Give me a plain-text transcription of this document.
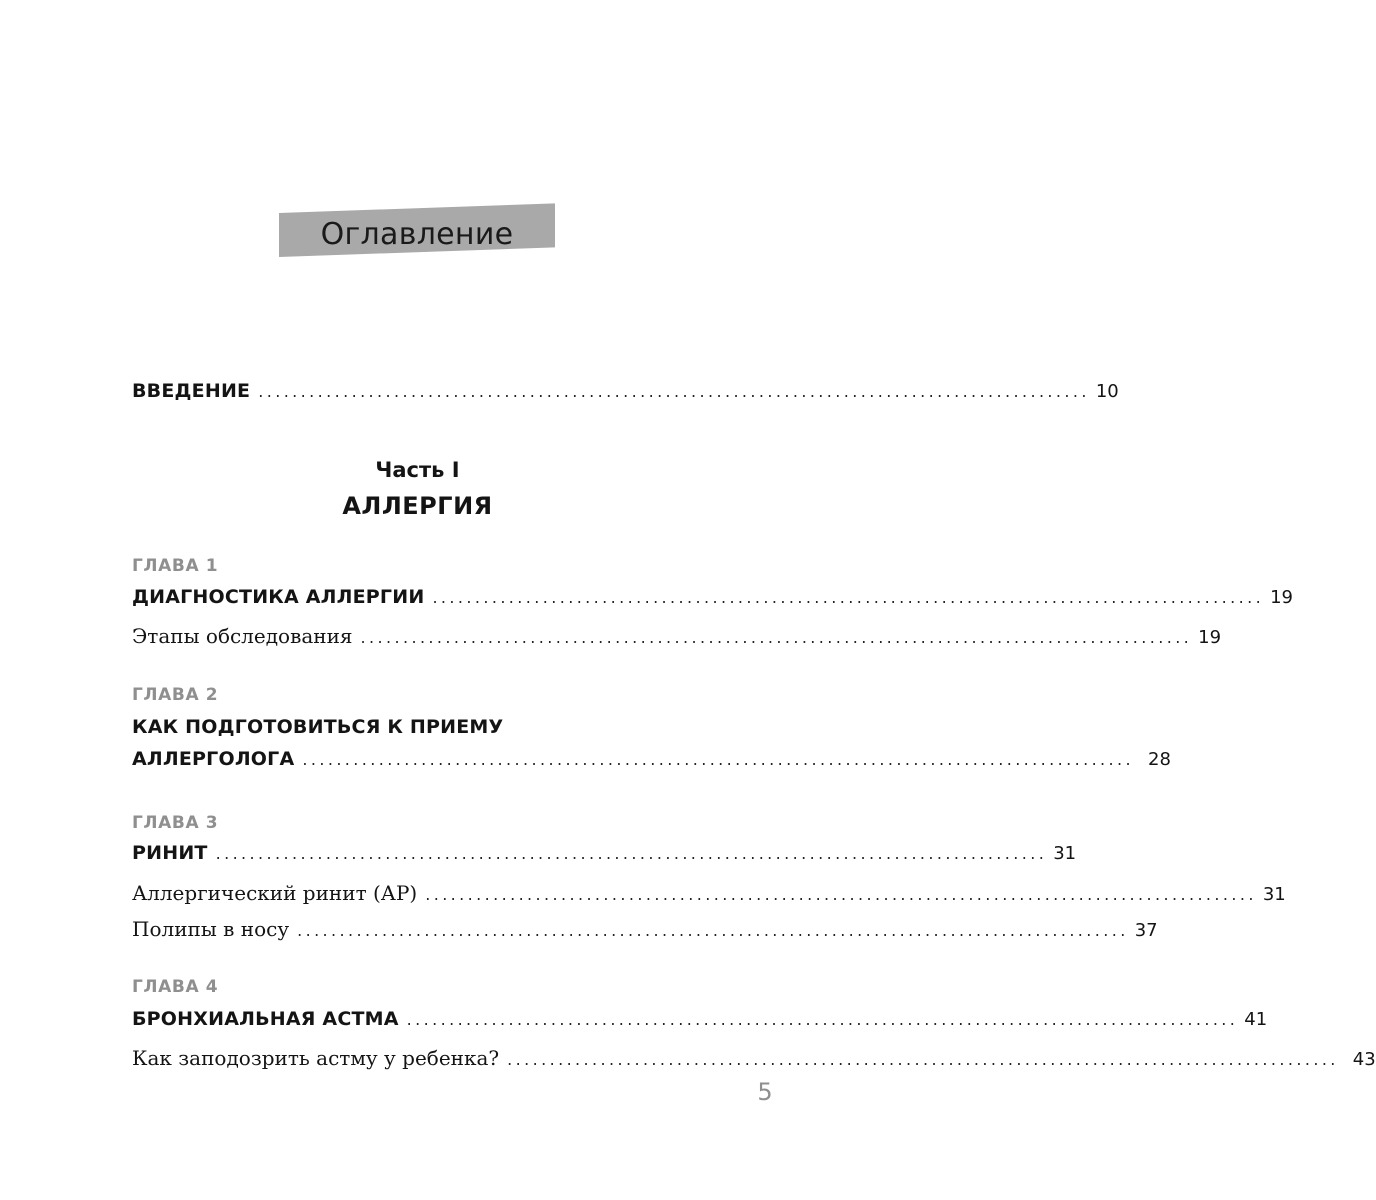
Оглавление
ВВЕДЕНИЕ .................................................................................................. 10
Часть I
АЛЛЕРГИЯ
ГЛАВА 1
ДИАГНОСТИКА АЛЛЕРГИИ .................................................................................................. 19
Этапы обследования .................................................................................................. 19
ГЛАВА 2
КАК ПОДГОТОВИТЬСЯ К ПРИЕМУ
АЛЛЕРГОЛОГА .................................................................................................. 28
ГЛАВА 3
РИНИТ .................................................................................................. 31
Аллергический ринит (АР) .................................................................................................. 31
Полипы в носу .................................................................................................. 37
ГЛАВА 4
БРОНХИАЛЬНАЯ АСТМА .................................................................................................. 41
Как заподозрить астму у ребенка? .................................................................................................. 43
5
